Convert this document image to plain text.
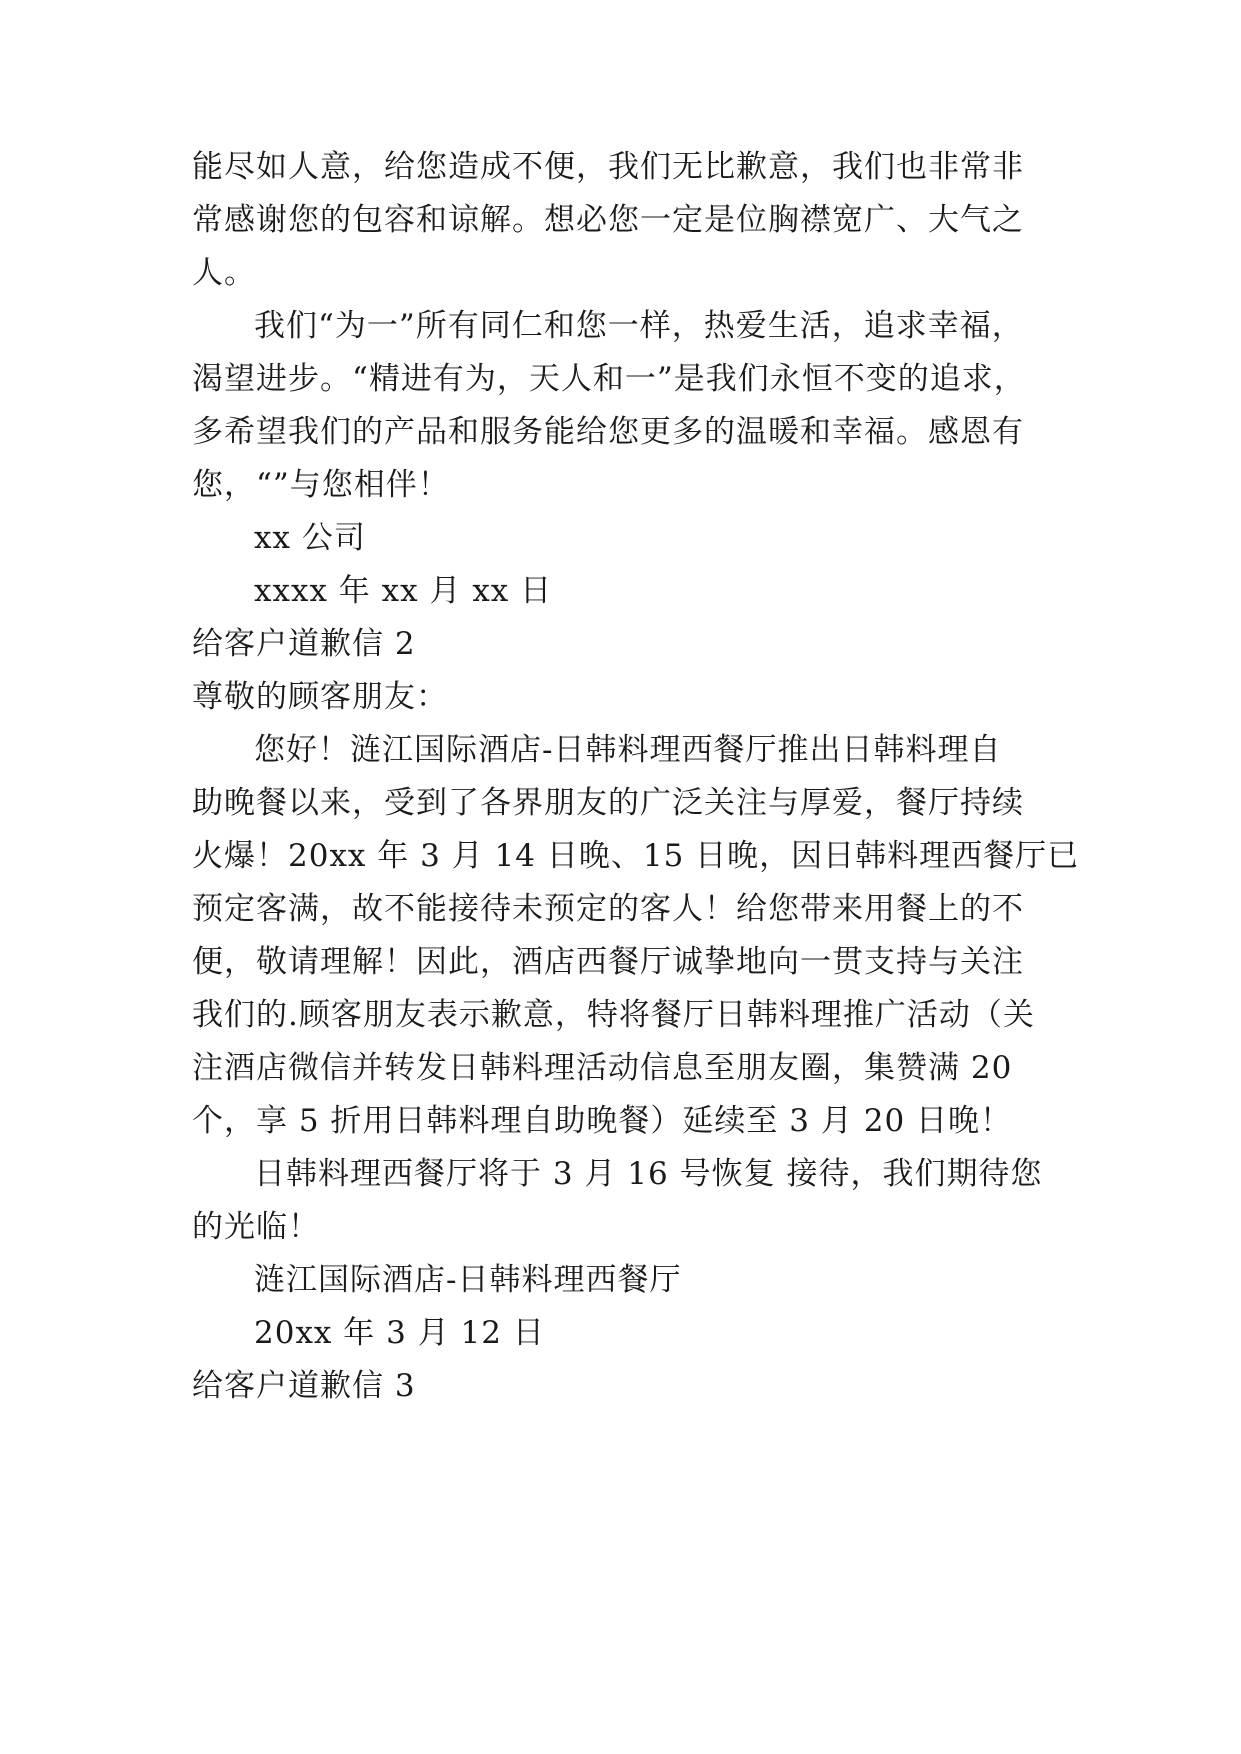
能尽如人意，给您造成不便，我们无比歉意，我们也非常非
常感谢您的包容和谅解。想必您一定是位胸襟宽广、大气之
人。
我们“为一”所有同仁和您一样，热爱生活，追求幸福，
渴望进步。“精进有为，天人和一”是我们永恒不变的追求，
多希望我们的产品和服务能给您更多的温暖和幸福。感恩有
您，“”与您相伴！
xx 公司
xxxx 年 xx 月 xx 日
给客户道歉信 2
尊敬的顾客朋友：
您好！涟江国际酒店-日韩料理西餐厅推出日韩料理自
助晚餐以来，受到了各界朋友的广泛关注与厚爱，餐厅持续
火爆！20xx 年 3 月 14 日晚、15 日晚，因日韩料理西餐厅已
预定客满，故不能接待未预定的客人！给您带来用餐上的不
便，敬请理解！因此，酒店西餐厅诚挚地向一贯支持与关注
我们的.顾客朋友表示歉意，特将餐厅日韩料理推广活动（关
注酒店微信并转发日韩料理活动信息至朋友圈，集赞满 20
个，享 5 折用日韩料理自助晚餐）延续至 3 月 20 日晚！
日韩料理西餐厅将于 3 月 16 号恢复 接待，我们期待您
的光临！
涟江国际酒店-日韩料理西餐厅
20xx 年 3 月 12 日
给客户道歉信 3
